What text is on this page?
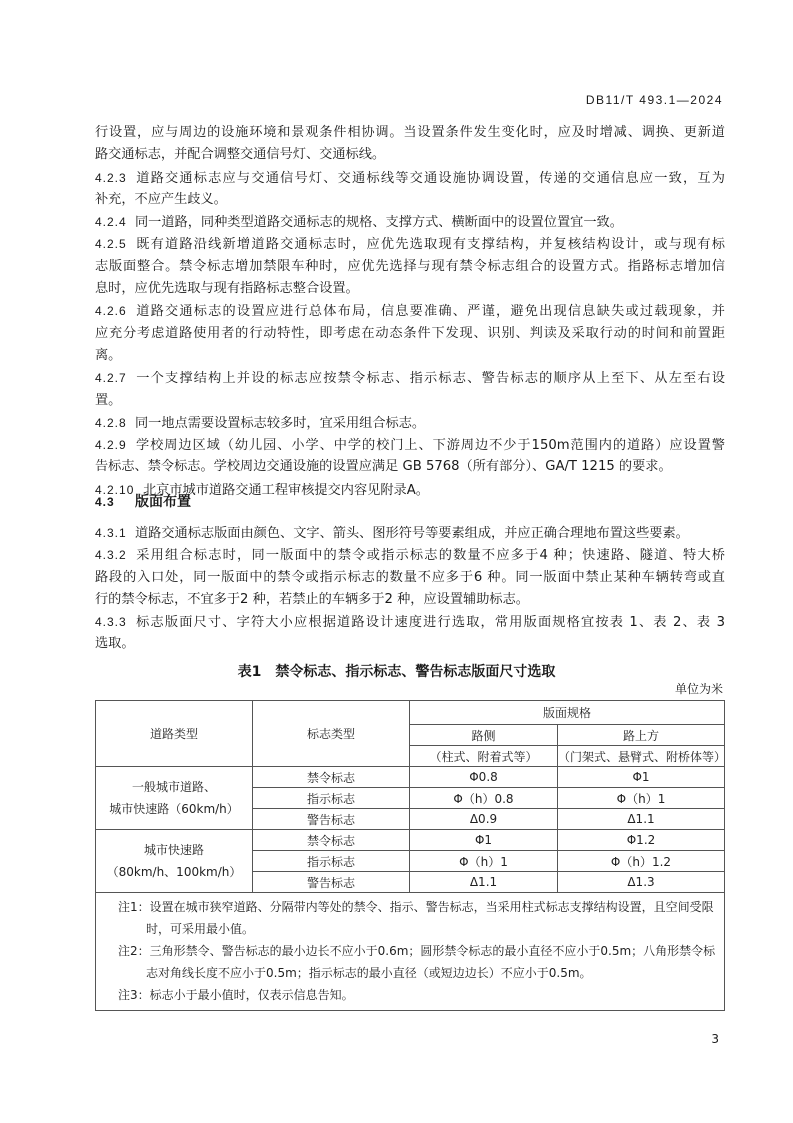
DB11/T 493.1—2024
行设置，应与周边的设施环境和景观条件相协调。当设置条件发生变化时，应及时增减、调换、更新道
路交通标志，并配合调整交通信号灯、交通标线。
4.2.3 道路交通标志应与交通信号灯、交通标线等交通设施协调设置，传递的交通信息应一致，互为
补充，不应产生歧义。
4.2.4 同一道路，同种类型道路交通标志的规格、支撑方式、横断面中的设置位置宜一致。
4.2.5 既有道路沿线新增道路交通标志时，应优先选取现有支撑结构，并复核结构设计，或与现有标
志版面整合。禁令标志增加禁限车种时，应优先选择与现有禁令标志组合的设置方式。指路标志增加信
息时，应优先选取与现有指路标志整合设置。
4.2.6 道路交通标志的设置应进行总体布局，信息要准确、严谨，避免出现信息缺失或过载现象，并
应充分考虑道路使用者的行动特性，即考虑在动态条件下发现、识别、判读及采取行动的时间和前置距
离。
4.2.7 一个支撑结构上并设的标志应按禁令标志、指示标志、警告标志的顺序从上至下、从左至右设
置。
4.2.8 同一地点需要设置标志较多时，宜采用组合标志。
4.2.9 学校周边区域（幼儿园、小学、中学的校门上、下游周边不少于150m范围内的道路）应设置警
告标志、禁令标志。学校周边交通设施的设置应满足 GB 5768（所有部分）、GA/T 1215 的要求。
4.2.10 北京市城市道路交通工程审核提交内容见附录A。
4.3 版面布置
4.3.1 道路交通标志版面由颜色、文字、箭头、图形符号等要素组成，并应正确合理地布置这些要素。
4.3.2 采用组合标志时，同一版面中的禁令或指示标志的数量不应多于4 种；快速路、隧道、特大桥
路段的入口处，同一版面中的禁令或指示标志的数量不应多于6 种。同一版面中禁止某种车辆转弯或直
行的禁令标志，不宜多于2 种，若禁止的车辆多于2 种，应设置辅助标志。
4.3.3 标志版面尺寸、字符大小应根据道路设计速度进行选取，常用版面规格宜按表 1、表 2、表 3
选取。
表1　禁令标志、指示标志、警告标志版面尺寸选取
单位为米
道路类型	标志类型	版面规格	
		路侧	路上方
		（柱式、附着式等）	（门架式、悬臂式、附桥体等）

一般城市道路、
城市快速路（60km/h）	禁令标志	Φ0.8	Φ1
	指示标志	Φ（h）0.8	Φ（h）1
	警告标志	Δ0.9	Δ1.1

城市快速路
（80km/h、100km/h）	禁令标志	Φ1	Φ1.2
	指示标志	Φ（h）1	Φ（h）1.2
	警告标志	Δ1.1	Δ1.3

注1：设置在城市狭窄道路、分隔带内等处的禁令、指示、警告标志，当采用柱式标志支撑结构设置，且空间受限时，可采用最小值。
注2：三角形禁令、警告标志的最小边长不应小于0.6m；圆形禁令标志的最小直径不应小于0.5m；八角形禁令标志对角线长度不应小于0.5m；指示标志的最小直径（或短边边长）不应小于0.5m。
注3：标志小于最小值时，仅表示信息告知。			
3
